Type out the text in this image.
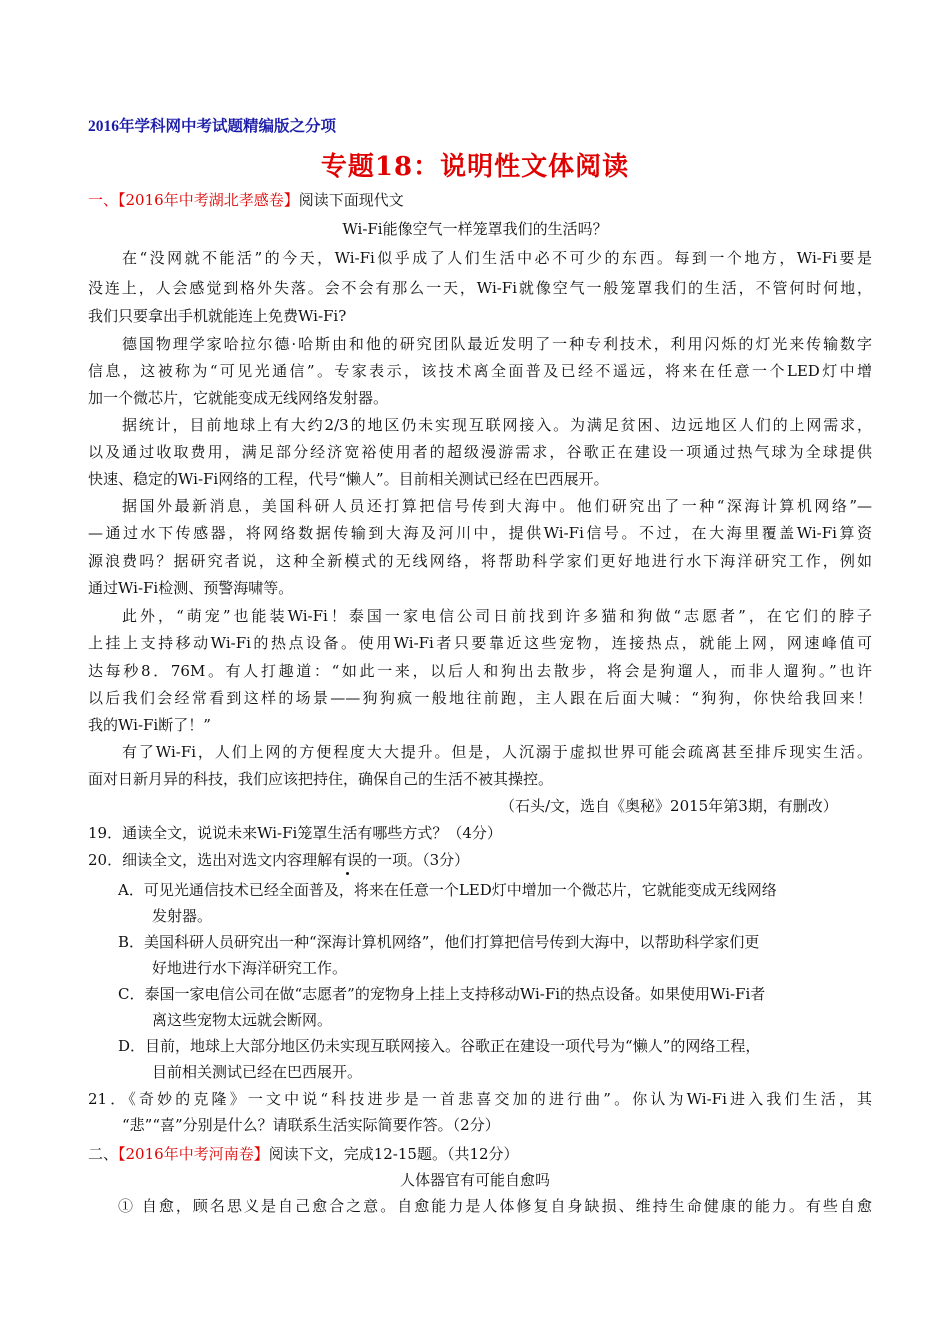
2016年学科网中考试题精编版之分项
专题18：说明性文体阅读
一、【2016年中考湖北孝感卷】阅读下面现代文
Wi-Fi能像空气一样笼罩我们的生活吗？
在“没网就不能活”的今天，Wi-Fi似乎成了人们生活中必不可少的东西。每到一个地方，Wi-Fi要是
没连上，人会感觉到格外失落。会不会有那么一天，Wi-Fi就像空气一般笼罩我们的生活，不管何时何地，
我们只要拿出手机就能连上免费Wi-Fi?
德国物理学家哈拉尔德·哈斯由和他的研究团队最近发明了一种专利技术，利用闪烁的灯光来传输数字
信息，这被称为“可见光通信”。专家表示，该技术离全面普及已经不遥远，将来在任意一个LED灯中增
加一个微芯片，它就能变成无线网络发射器。
据统计，目前地球上有大约2/3的地区仍未实现互联网接入。为满足贫困、边远地区人们的上网需求，
以及通过收取费用，满足部分经济宽裕使用者的超级漫游需求，谷歌正在建设一项通过热气球为全球提供
快速、稳定的Wi-Fi网络的工程，代号“懒人”。目前相关测试已经在巴西展开。
据国外最新消息，美国科研人员还打算把信号传到大海中。他们研究出了一种“深海计算机网络”—
—通过水下传感器，将网络数据传输到大海及河川中，提供Wi-Fi信号。不过，在大海里覆盖Wi-Fi算资
源浪费吗？据研究者说，这种全新模式的无线网络，将帮助科学家们更好地进行水下海洋研究工作，例如
通过Wi-Fi检测、预警海啸等。
此外，“萌宠”也能装Wi-Fi！泰国一家电信公司日前找到许多猫和狗做“志愿者”，在它们的脖子
上挂上支持移动Wi-Fi的热点设备。使用Wi-Fi者只要靠近这些宠物，连接热点，就能上网，网速峰值可
达每秒8．76M。有人打趣道：“如此一来，以后人和狗出去散步，将会是狗遛人，而非人遛狗。”也许
以后我们会经常看到这样的场景——狗狗疯一般地往前跑，主人跟在后面大喊：“狗狗，你快给我回来！
我的Wi-Fi断了！”
有了Wi-Fi，人们上网的方便程度大大提升。但是，人沉溺于虚拟世界可能会疏离甚至排斥现实生活。
面对日新月异的科技，我们应该把持住，确保自己的生活不被其操控。
（石头/文，选自《奥秘》2015年第3期，有删改）
19．通读全文，说说未来Wi-Fi笼罩生活有哪些方式？（4分）
20．细读全文，选出对选文内容理解有误的一项。（3分）
A．可见光通信技术已经全面普及，将来在任意一个LED灯中增加一个微芯片，它就能变成无线网络
发射器。
B．美国科研人员研究出一种“深海计算机网络”，他们打算把信号传到大海中，以帮助科学家们更
好地进行水下海洋研究工作。
C．泰国一家电信公司在做“志愿者”的宠物身上挂上支持移动Wi-Fi的热点设备。如果使用Wi-Fi者
离这些宠物太远就会断网。
D．目前，地球上大部分地区仍未实现互联网接入。谷歌正在建设一项代号为“懒人”的网络工程，
目前相关测试已经在巴西展开。
21．《奇妙的克隆》一文中说“科技进步是一首悲喜交加的进行曲”。你认为Wi-Fi进入我们生活，其
“悲”“喜”分别是什么？请联系生活实际简要作答。（2分）
二、【2016年中考河南卷】阅读下文，完成12-15题。（共12分）
人体器官有可能自愈吗
① 自愈，顾名思义是自己愈合之意。自愈能力是人体修复自身缺损、维持生命健康的能力。有些自愈
